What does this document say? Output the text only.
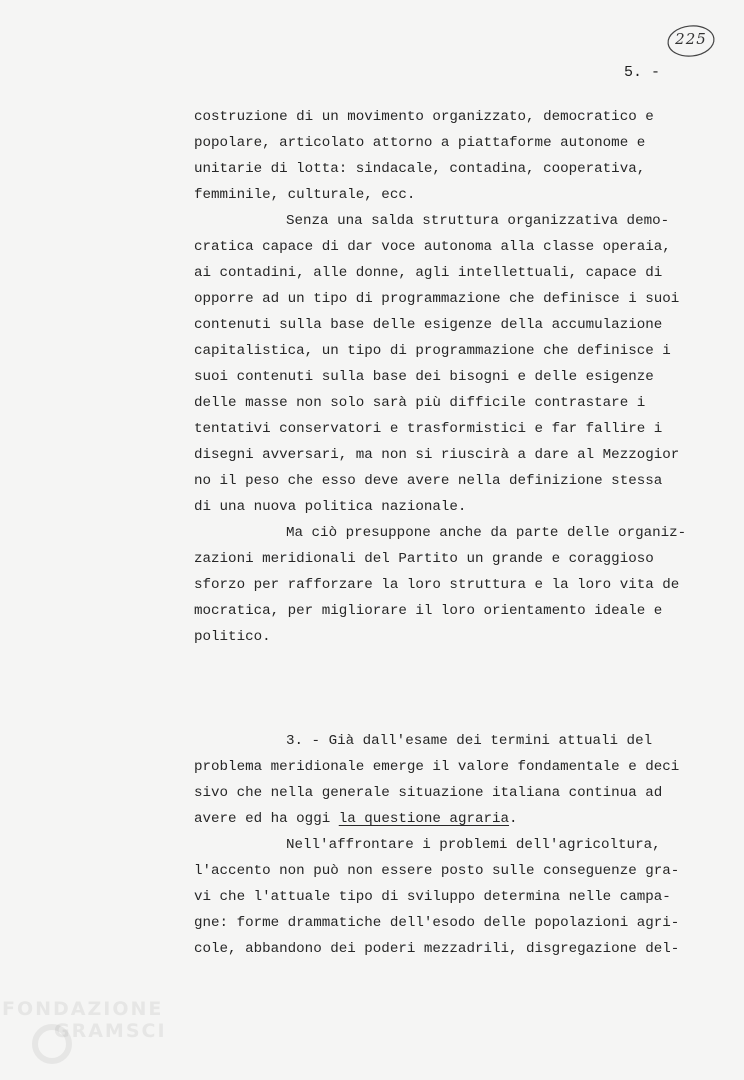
225
5. -
costruzione di un movimento organizzato, democratico e
popolare, articolato attorno a piattaforme autonome e
unitarie di lotta: sindacale, contadina, cooperativa,
femminile, culturale, ecc.
Senza una salda struttura organizzativa demo-
cratica capace di dar voce autonoma alla classe operaia,
ai contadini, alle donne, agli intellettuali, capace di
opporre ad un tipo di programmazione che definisce i suoi
contenuti sulla base delle esigenze della accumulazione
capitalistica, un tipo di programmazione che definisce i
suoi contenuti sulla base dei bisogni e delle esigenze
delle masse non solo sarà più difficile contrastare i
tentativi conservatori e trasformistici e far fallire i
disegni avversari, ma non si riuscirà a dare al Mezzogior
no il peso che esso deve avere nella definizione stessa
di una nuova politica nazionale.
Ma ciò presuppone anche da parte delle organiz-
zazioni meridionali del Partito un grande e coraggioso
sforzo per rafforzare la loro struttura e la loro vita de
mocratica, per migliorare il loro orientamento ideale e
politico.
3. - Già dall'esame dei termini attuali del
problema meridionale emerge il valore fondamentale e deci
sivo che nella generale situazione italiana continua ad
avere ed ha oggi la questione agraria.
Nell'affrontare i problemi dell'agricoltura,
l'accento non può non essere posto sulle conseguenze gra-
vi che l'attuale tipo di sviluppo determina nelle campa-
gne: forme drammatiche dell'esodo delle popolazioni agri-
cole, abbandono dei poderi mezzadrili, disgregazione del-
FONDAZIONE
GRAMSCI
